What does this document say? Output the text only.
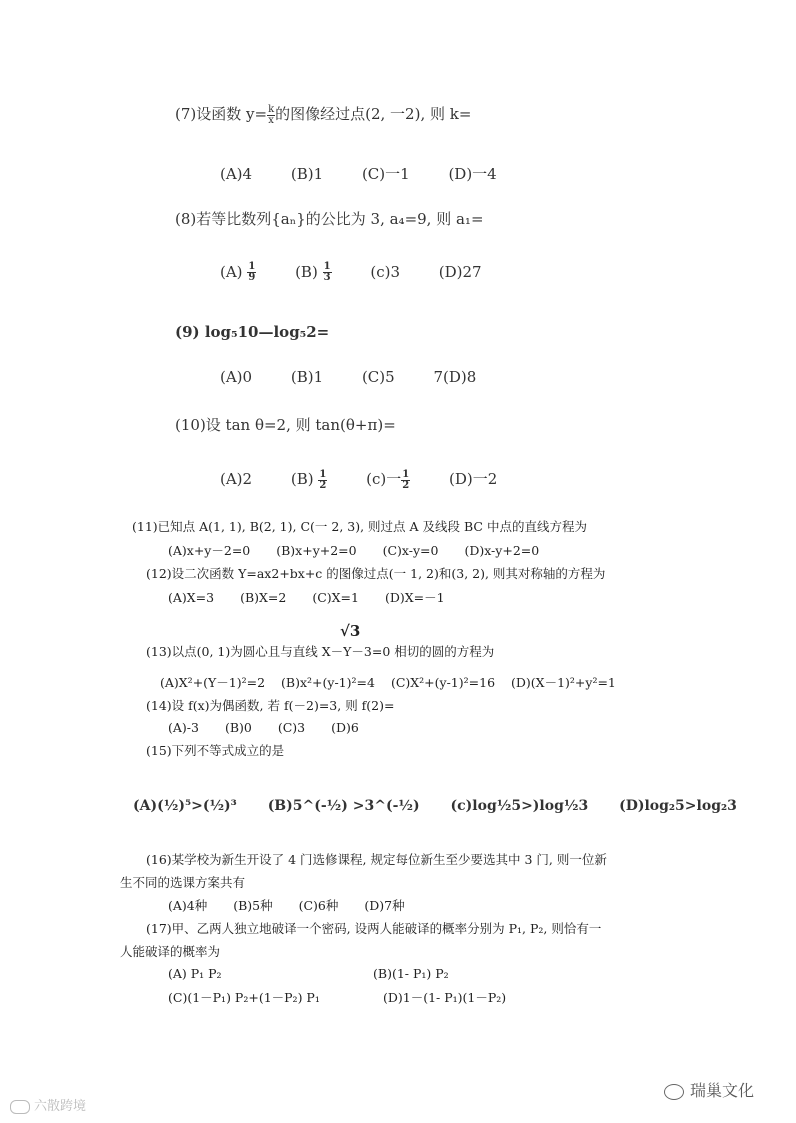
(7)设函数 $y= \frac{k}{x}$ 的图像经过点(2, 一2), 则 k=
(A)4	(B)1	(C)一1	(D)一4
(8)若等比数列{aₙ}的公比为 3, a₄=9, 则 a₁=
$(A) \frac{1}{9}$	$(B) \frac{1}{3}$	(c)3	(D)27
(9) log₅10—log₅2=
(A)0	(B)1	(C)5	7(D)8
(10)设 tan θ=2, 则 tan(θ+π)=
(A)2	$(B) \frac{1}{2}$	(c)一 $\frac{1}{2}$	(D)一2
(11)已知点 A(1, 1), B(2, 1), C(一 2, 3), 则过点 A 及线段 BC 中点的直线方程为
(A)x+y－2=0 (B)x+y+2=0 (C)x-y=0 (D)x-y+2=0
(12)设二次函数 Y=ax2+bx+c 的图像过点(一 1, 2)和(3, 2), 则其对称轴的方程为
(A)X=3 (B)X=2 (C)X=1 (D)X=－1
√3
(13)以点(0, 1)为圆心且与直线 X－Y－3=0 相切的圆的方程为
(A)X²+(Y－1)²=2 (B)x²+(y-1)²=4 (C)X²+(y-1)²=16 (D)(X－1)²+y²=1
(14)设 f(x)为偶函数, 若 f(－2)=3, 则 f(2)=
(A)-3 (B)0 (C)3 (D)6
(15)下列不等式成立的是
(A)(½)⁵>(½)³ (B)5^(-½) >3^(-½) (c)log½5>)log½3 (D)log₂5>log₂3
(16)某学校为新生开设了 4 门选修课程, 规定每位新生至少要选其中 3 门, 则一位新
生不同的选课方案共有
(A)4种 (B)5种 (C)6种 (D)7种
(17)甲、乙两人独立地破译一个密码, 设两人能破译的概率分别为 P₁, P₂, 则恰有一
人能破译的概率为
(A) P₁ P₂	(B)(1- P₁) P₂
(C)(1－P₁) P₂+(1－P₂) P₁	(D)1－(1- P₁)(1－P₂)
六散跨境
瑞巢文化
